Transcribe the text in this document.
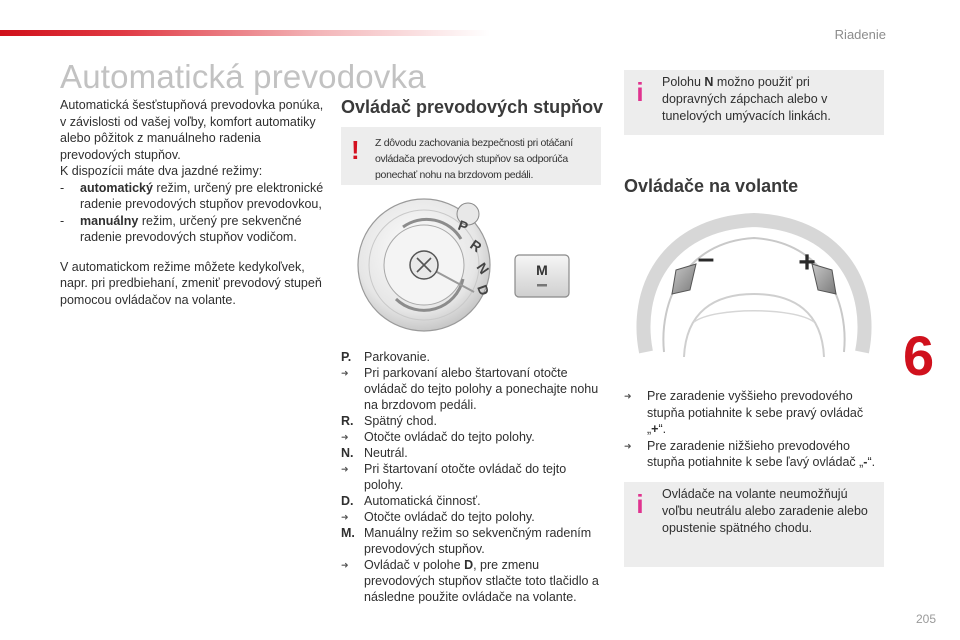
Riadenie
Automatická prevodovka

Automatická šesťstupňová prevodovka ponúka, v závislosti od vašej voľby, komfort automatiky alebo pôžitok z manuálneho radenia prevodových stupňov.

K dispozícii máte dva jazdné režimy:

- automatický režim, určený pre elektronické radenie prevodových stupňov prevodovkou,

- manuálny režim, určený pre sekvenčné radenie prevodových stupňov vodičom.

V automatickom režime môžete kedykoľvek, napr. pri predbiehaní, zmeniť prevodový stupeň pomocou ovládačov na volante.

Ovládač prevodových stupňov
! Z dôvodu zachovania bezpečnosti pri otáčaní ovládača prevodových stupňov sa odporúča ponechať nohu na brzdovom pedáli.
P
R
N
D
M
P. Parkovanie.
➜ Pri parkovaní alebo štartovaní otočte ovládač do tejto polohy a ponechajte nohu na brzdovom pedáli.
R. Spätný chod.
➜ Otočte ovládač do tejto polohy.
N. Neutrál.
➜ Pri štartovaní otočte ovládač do tejto polohy.
D. Automatická činnosť.
➜ Otočte ovládač do tejto polohy.
M. Manuálny režim so sekvenčným radením prevodových stupňov.
➜ Ovládač v polohe D, pre zmenu prevodových stupňov stlačte toto tlačidlo a následne použite ovládače na volante.
i Polohu N možno použiť pri dopravných zápchach alebo v tunelových umývacích linkách.
Ovládače na volante
–	+
➜ Pre zaradenie vyššieho prevodového stupňa potiahnite k sebe pravý ovládač „+“.
➜ Pre zaradenie nižšieho prevodového stupňa potiahnite k sebe ľavý ovládač „-“.
i Ovládače na volante neumožňujú voľbu neutrálu alebo zaradenie alebo opustenie spätného chodu.
6
205
